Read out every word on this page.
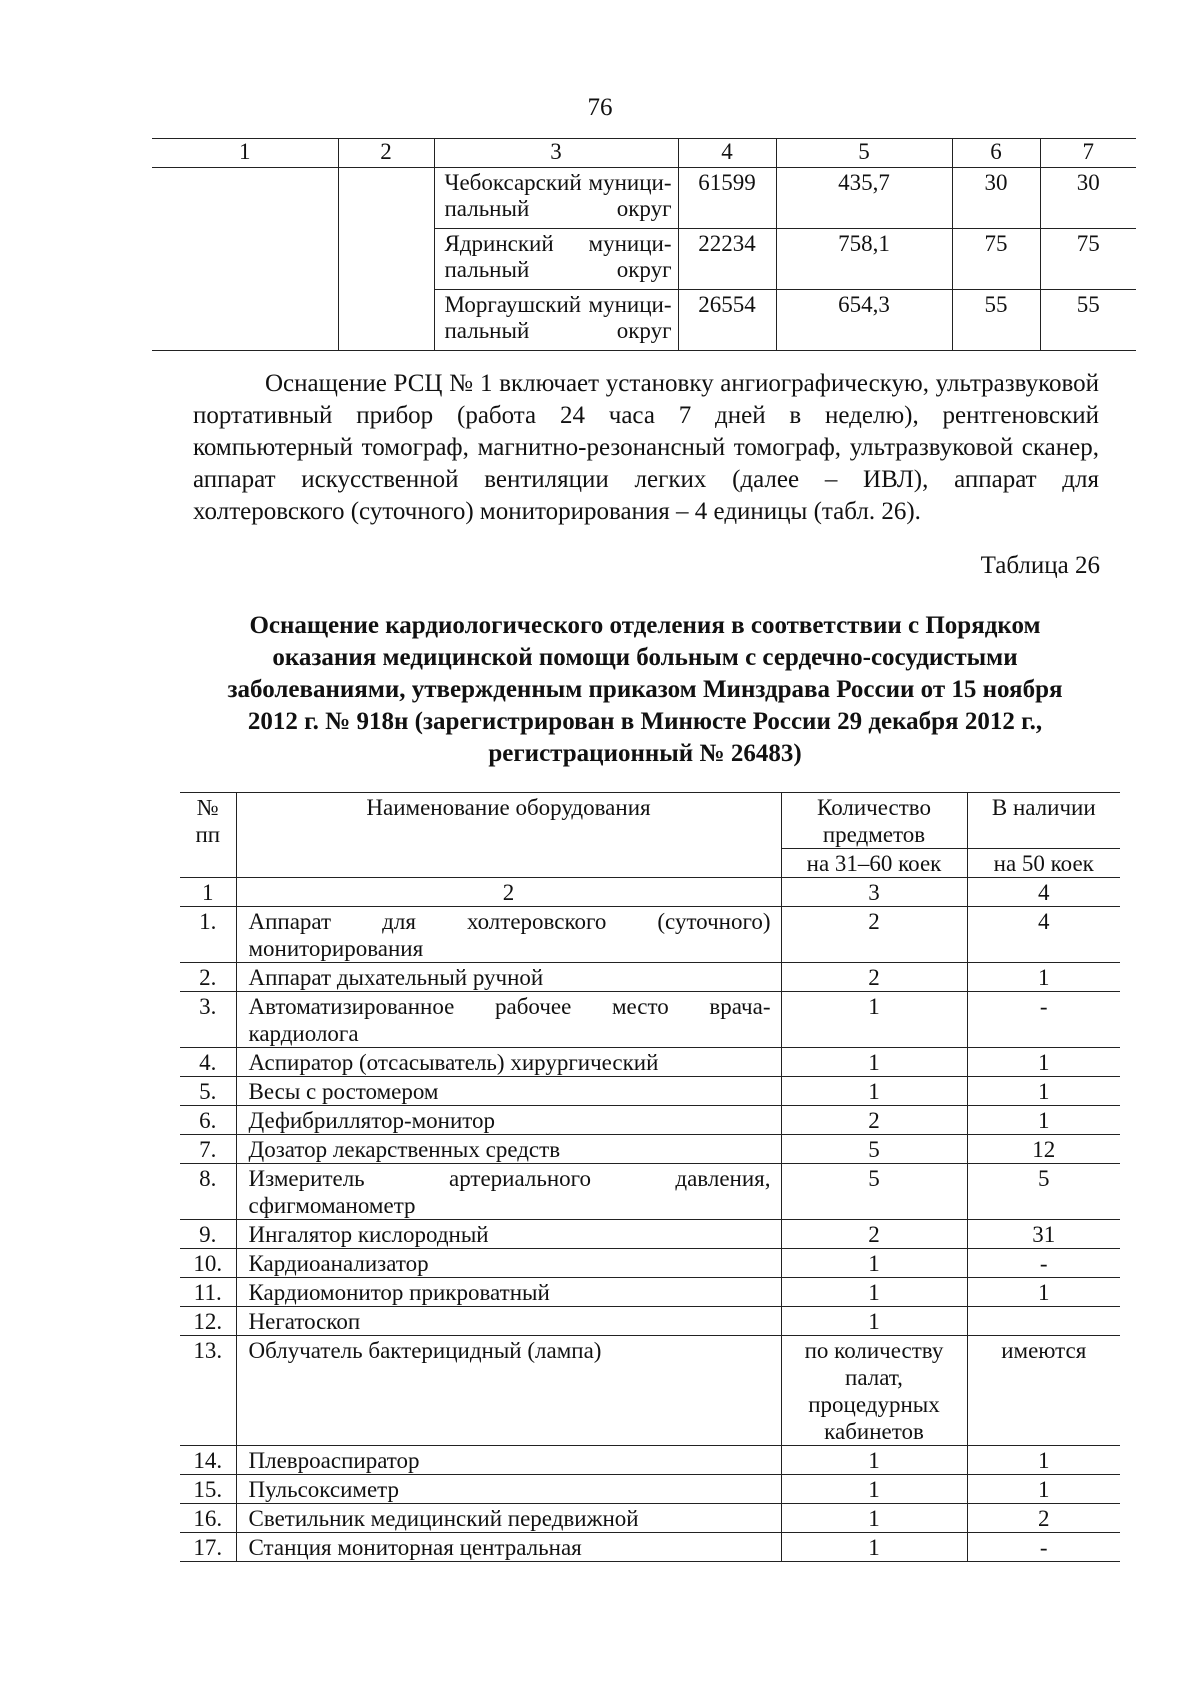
76
1	2	3	4	5	6	7
		Чебоксарский муници-пальный округ	61599	435,7	30	30
		Ядринский муници-пальный округ	22234	758,1	75	75
		Моргаушский муници-пальный округ	26554	654,3	55	55
Оснащение РСЦ № 1 включает установку ангиографическую, ультразвуковой портативный прибор (работа 24 часа 7 дней в неделю), рентгеновский компьютерный томограф, магнитно-резонансный томограф, ультразвуковой сканер, аппарат искусственной вентиляции легких (далее – ИВЛ), аппарат для холтеровского (суточного) мониторирования – 4 единицы (табл. 26).
Таблица 26
Оснащение кардиологического отделения в соответствии с Порядком оказания медицинской помощи больным с сердечно-сосудистыми заболеваниями, утвержденным приказом Минздрава России от 15 ноября 2012 г. № 918н (зарегистрирован в Минюсте России 29 декабря 2012 г., регистрационный № 26483)
№ пп	Наименование оборудования	Количество предметов	В наличии
		на 31–60 коек	на 50 коек
1	2	3	4
1.	Аппарат для холтеровского (суточного) мониторирования	2	4
2.	Аппарат дыхательный ручной	2	1
3.	Автоматизированное рабочее место врача-кардиолога	1	-
4.	Аспиратор (отсасыватель) хирургический	1	1
5.	Весы с ростомером	1	1
6.	Дефибриллятор-монитор	2	1
7.	Дозатор лекарственных средств	5	12
8.	Измеритель артериального давления, сфигмоманометр	5	5
9.	Ингалятор кислородный	2	31
10.	Кардиоанализатор	1	-
11.	Кардиомонитор прикроватный	1	1
12.	Негатоскоп	1	
13.	Облучатель бактерицидный (лампа)	по количеству палат, процедурных кабинетов	имеются
14.	Плевроаспиратор	1	1
15.	Пульсоксиметр	1	1
16.	Светильник медицинский передвижной	1	2
17.	Станция мониторная центральная	1	-
